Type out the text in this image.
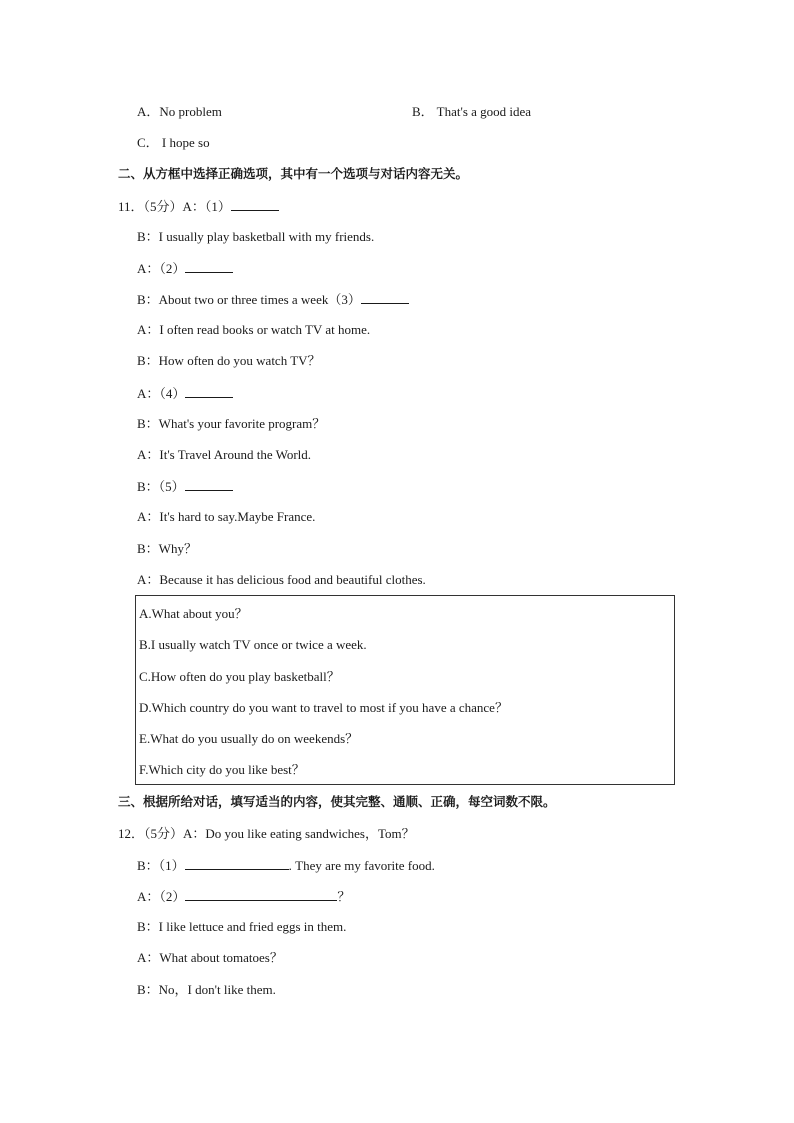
A．No problem	B． That's a good idea
C． I hope so
二、从方框中选择正确选项，其中有一个选项与对话内容无关。
11．（5分）A：（1）
B：I usually play basketball with my friends.
A：（2）
B：About two or three times a week（3）
A：I often read books or watch TV at home.
B：How often do you watch TV？
A：（4）
B：What's your favorite program？
A：It's Travel Around the World.
B：（5）
A：It's hard to say.Maybe France.
B：Why？
A：Because it has delicious food and beautiful clothes.
A.What about you？
B.I usually watch TV once or twice a week.
C.How often do you play basketball？
D.Which country do you want to travel to most if you have a chance？
E.What do you usually do on weekends？
F.Which city do you like best？
三、根据所给对话，填写适当的内容，使其完整、通顺、正确，每空词数不限。
12．（5分）A：Do you like eating sandwiches，Tom？
B：（1）	. They are my favorite food.
A：（2）	？
B：I like lettuce and fried eggs in them.
A：What about tomatoes？
B：No，I don't like them.
